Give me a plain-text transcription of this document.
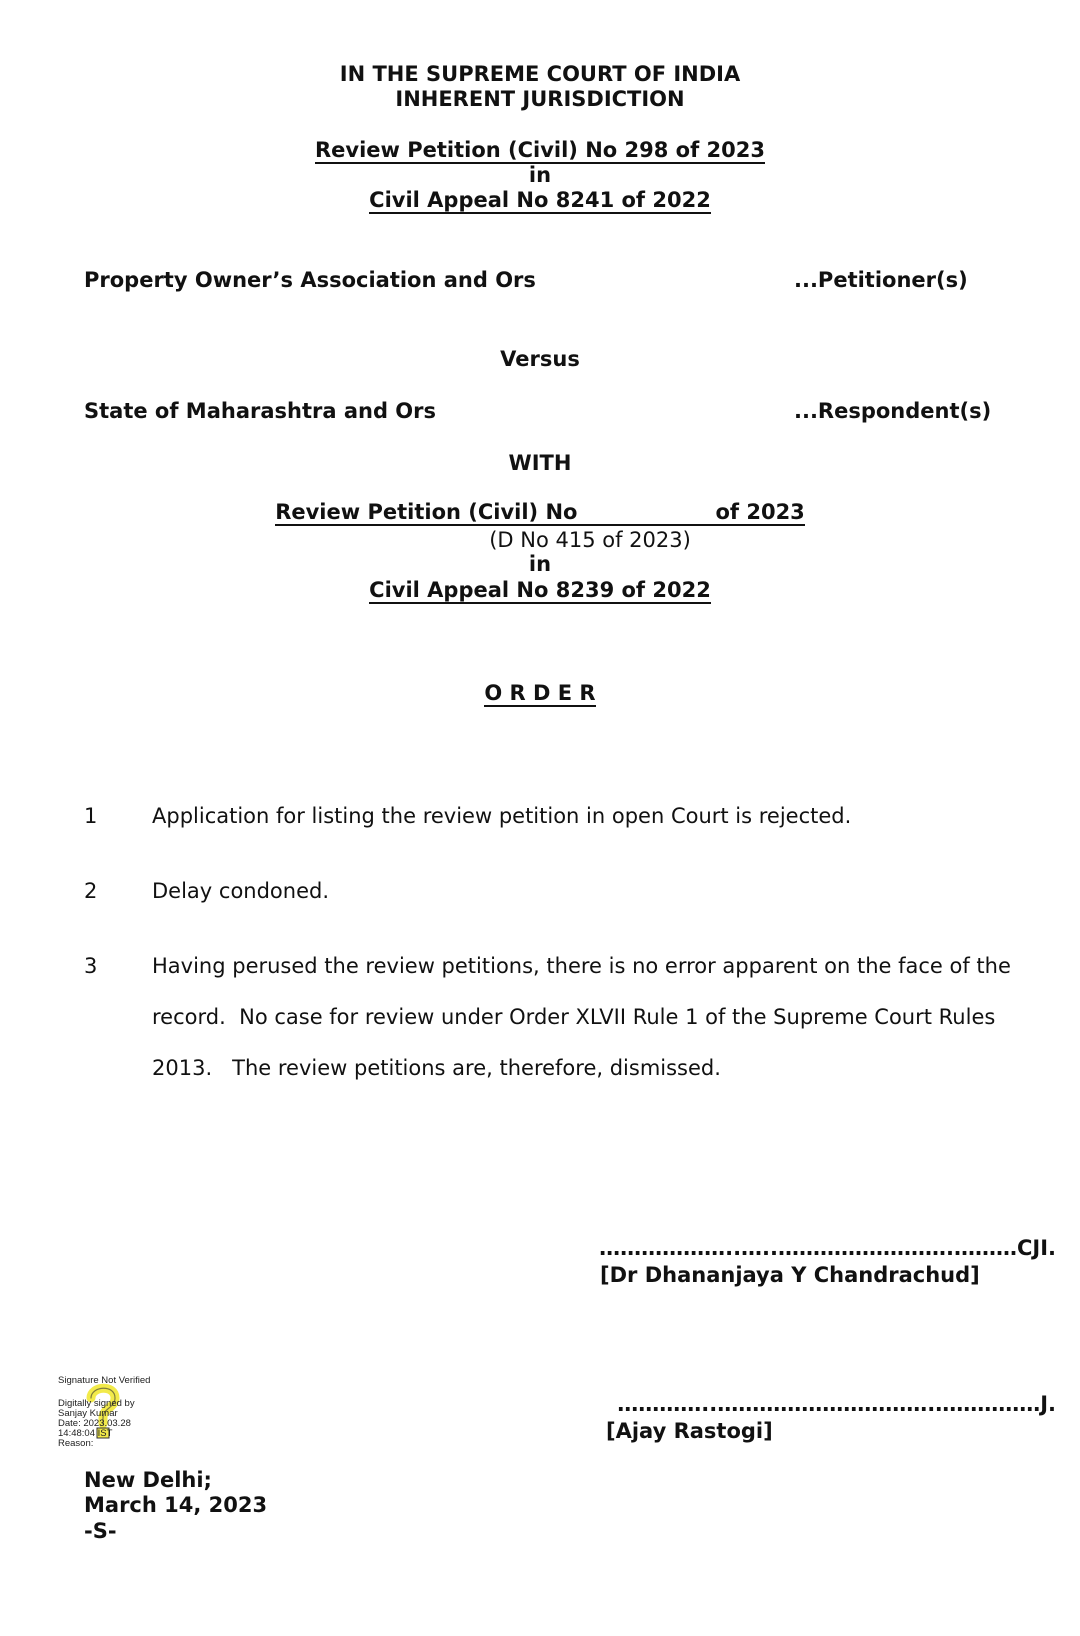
IN THE SUPREME COURT OF INDIA
INHERENT JURISDICTION
Review Petition (Civil) No 298 of 2023
in
Civil Appeal No 8241 of 2022
Property Owner’s Association and Ors	...Petitioner(s)
Versus
State of Maharashtra and Ors	...Respondent(s)
WITH
Review Petition (Civil) No	of 2023
(D No 415 of 2023)
in
Civil Appeal No 8239 of 2022
O R D E R
1	Application for listing the review petition in open Court is rejected.
2	Delay condoned.
3	Having perused the review petitions, there is no error apparent on the face of the
record.  No case for review under Order XLVII Rule 1 of the Supreme Court Rules
2013.   The review petitions are, therefore, dismissed.
………………..…..…………………….………CJI.
[Dr Dhananjaya Y Chandrachud]
…………..………………………….……………J.
[Ajay Rastogi]
Signature Not Verified
Digitally signed by
Sanjay Kumar
Date: 2023.03.28
14:48:04 IST
Reason:
New Delhi;
March 14, 2023
-S-
